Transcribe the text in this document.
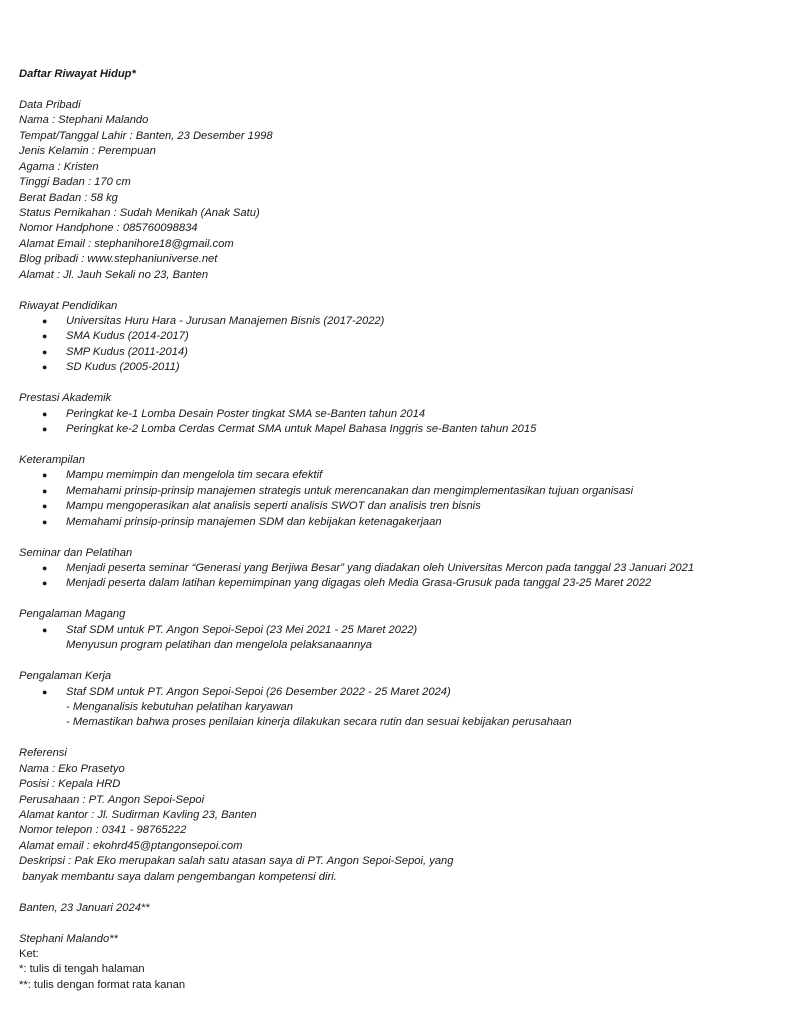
Daftar Riwayat Hidup*
Data Pribadi
Nama : Stephani Malando
Tempat/Tanggal Lahir : Banten, 23 Desember 1998
Jenis Kelamin : Perempuan
Agama : Kristen
Tinggi Badan : 170 cm
Berat Badan : 58 kg
Status Pernikahan : Sudah Menikah (Anak Satu)
Nomor Handphone : 085760098834
Alamat Email : stephanihore18@gmail.com
Blog pribadi : www.stephaniuniverse.net
Alamat : Jl. Jauh Sekali no 23, Banten
Riwayat Pendidikan
● Universitas Huru Hara - Jurusan Manajemen Bisnis (2017-2022)
● SMA Kudus (2014-2017)
● SMP Kudus (2011-2014)
● SD Kudus (2005-2011)
Prestasi Akademik
● Peringkat ke-1 Lomba Desain Poster tingkat SMA se-Banten tahun 2014
● Peringkat ke-2 Lomba Cerdas Cermat SMA untuk Mapel Bahasa Inggris se-Banten tahun 2015
Keterampilan
● Mampu memimpin dan mengelola tim secara efektif
● Memahami prinsip-prinsip manajemen strategis untuk merencanakan dan mengimplementasikan tujuan organisasi
● Mampu mengoperasikan alat analisis seperti analisis SWOT dan analisis tren bisnis
● Memahami prinsip-prinsip manajemen SDM dan kebijakan ketenagakerjaan
Seminar dan Pelatihan
● Menjadi peserta seminar “Generasi yang Berjiwa Besar” yang diadakan oleh Universitas Mercon pada tanggal 23 Januari 2021
● Menjadi peserta dalam latihan kepemimpinan yang digagas oleh Media Grasa-Grusuk pada tanggal 23-25 Maret 2022
Pengalaman Magang
● Staf SDM untuk PT. Angon Sepoi-Sepoi (23 Mei 2021 - 25 Maret 2022)
Menyusun program pelatihan dan mengelola pelaksanaannya
Pengalaman Kerja
● Staf SDM untuk PT. Angon Sepoi-Sepoi (26 Desember 2022 - 25 Maret 2024)
- Menganalisis kebutuhan pelatihan karyawan
- Memastikan bahwa proses penilaian kinerja dilakukan secara rutin dan sesuai kebijakan perusahaan
Referensi
Nama : Eko Prasetyo
Posisi : Kepala HRD
Perusahaan : PT. Angon Sepoi-Sepoi
Alamat kantor : Jl. Sudirman Kavling 23, Banten
Nomor telepon : 0341 - 98765222
Alamat email : ekohrd45@ptangonsepoi.com
Deskripsi : Pak Eko merupakan salah satu atasan saya di PT. Angon Sepoi-Sepoi, yang
banyak membantu saya dalam pengembangan kompetensi diri.
Banten, 23 Januari 2024**
Stephani Malando**
Ket:
*: tulis di tengah halaman
**: tulis dengan format rata kanan
